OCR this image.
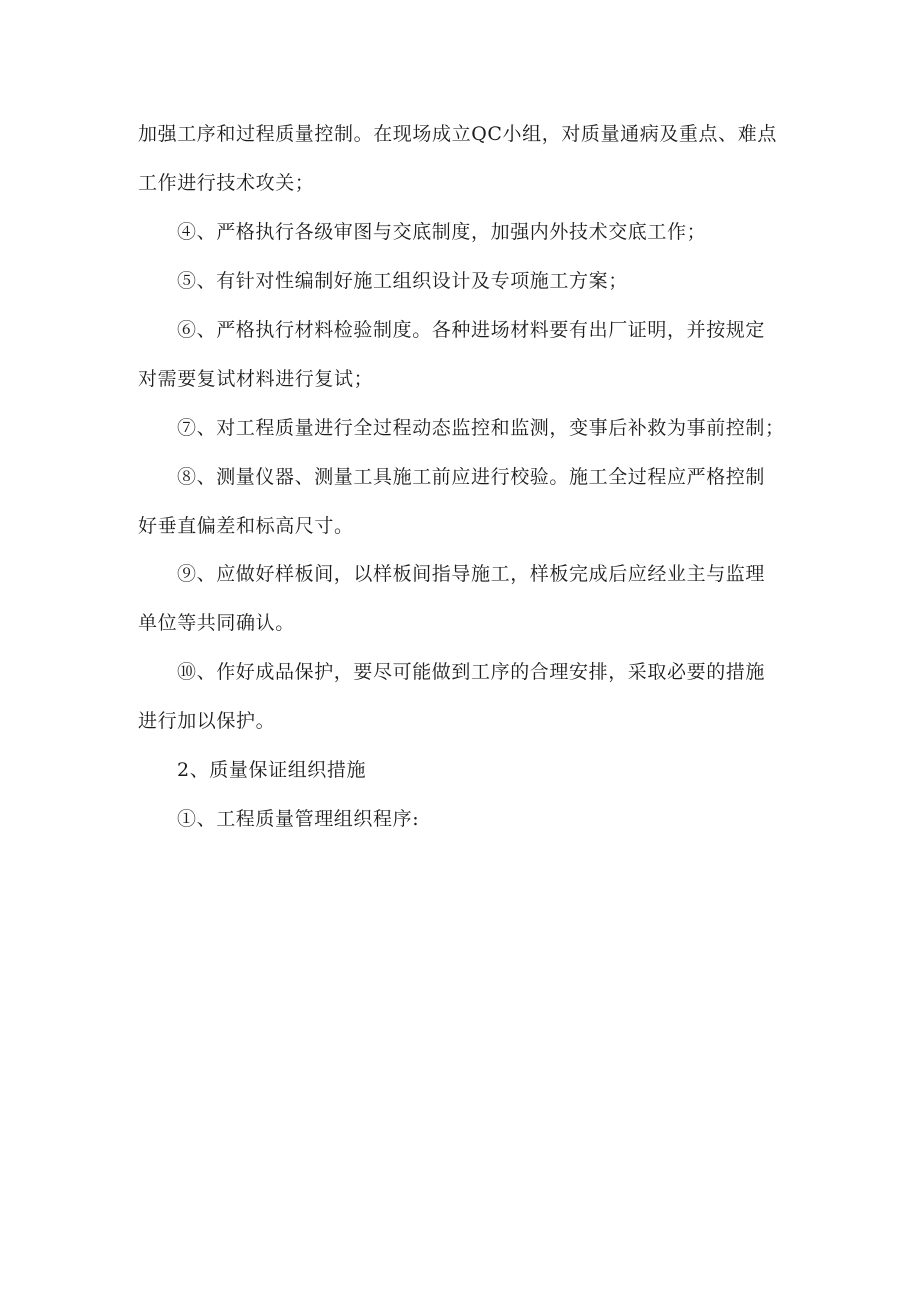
加强工序和过程质量控制。在现场成立QC小组，对质量通病及重点、难点
工作进行技术攻关；
④、严格执行各级审图与交底制度，加强内外技术交底工作；
⑤、有针对性编制好施工组织设计及专项施工方案；
⑥、严格执行材料检验制度。各种进场材料要有出厂证明，并按规定
对需要复试材料进行复试；
⑦、对工程质量进行全过程动态监控和监测，变事后补救为事前控制；
⑧、测量仪器、测量工具施工前应进行校验。施工全过程应严格控制
好垂直偏差和标高尺寸。
⑨、应做好样板间，以样板间指导施工，样板完成后应经业主与监理
单位等共同确认。
⑩、作好成品保护，要尽可能做到工序的合理安排，采取必要的措施
进行加以保护。
2、质量保证组织措施
①、工程质量管理组织程序:
